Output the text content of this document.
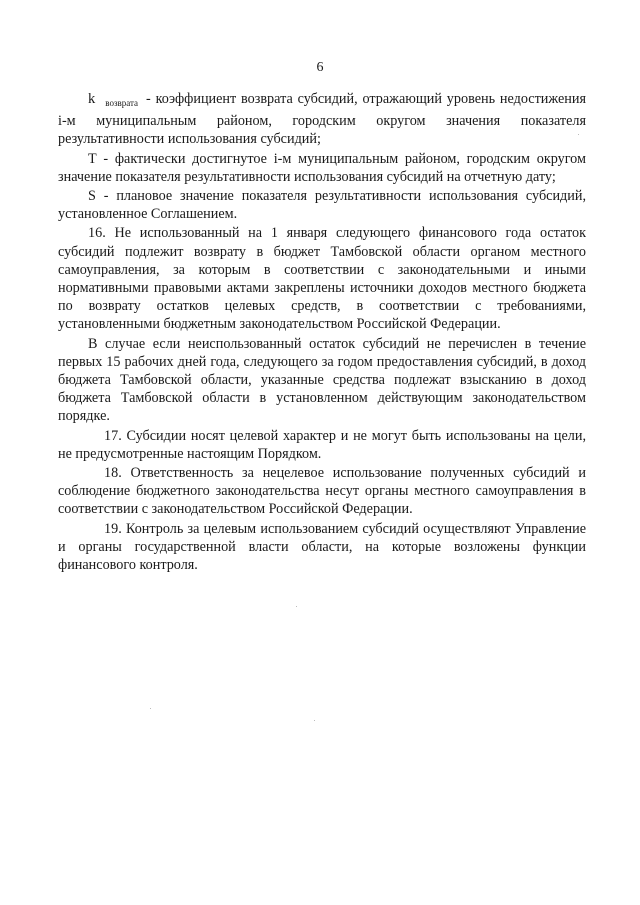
6

k $_{возврата}$ - коэффициент возврата субсидий, отражающий уровень недостижения i-м муниципальным районом, городским округом значения показателя результативности использования субсидий;

Т - фактически достигнутое i-м муниципальным районом, городским округом значение показателя результативности использования субсидий на отчетную дату;

S - плановое значение показателя результативности использования субсидий, установленное Соглашением.

16. Не использованный на 1 января следующего финансового года остаток субсидий подлежит возврату в бюджет Тамбовской области органом местного самоуправления, за которым в соответствии с законодательными и иными нормативными правовыми актами закреплены источники доходов местного бюджета по возврату остатков целевых средств, в соответствии с требованиями, установленными бюджетным законодательством Российской Федерации.

В случае если неиспользованный остаток субсидий не перечислен в течение первых 15 рабочих дней года, следующего за годом предоставления субсидий, в доход бюджета Тамбовской области, указанные средства подлежат взысканию в доход бюджета Тамбовской области в установленном действующим законодательством порядке.

17. Субсидии носят целевой характер и не могут быть использованы на цели, не предусмотренные настоящим Порядком.

18. Ответственность за нецелевое использование полученных субсидий и соблюдение бюджетного законодательства несут органы местного самоуправления в соответствии с законодательством Российской Федерации.

19. Контроль за целевым использованием субсидий осуществляют Управление и органы государственной власти области, на которые возложены функции финансового контроля.
